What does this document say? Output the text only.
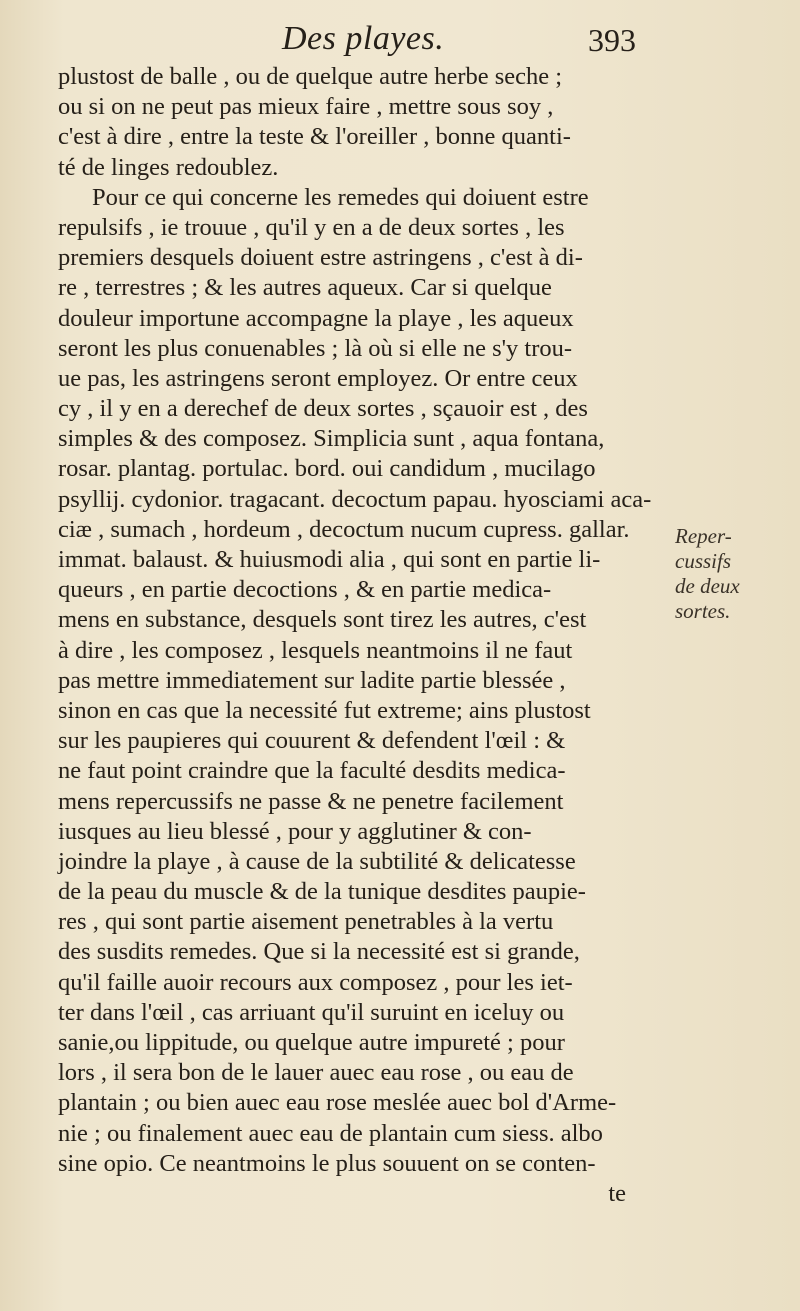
Des playes.	393
plustost de balle , ou de quelque autre herbe seche ;
ou si on ne peut pas mieux faire , mettre sous soy ,
c'est à dire , entre la teste & l'oreiller , bonne quanti-
té de linges redoublez.
Pour ce qui concerne les remedes qui doiuent estre
repulsifs , ie trouue , qu'il y en a de deux sortes , les
premiers desquels doiuent estre astringens , c'est à di-
re , terrestres ; & les autres aqueux. Car si quelque
douleur importune accompagne la playe , les aqueux
seront les plus conuenables ; là où si elle ne s'y trou-
ue pas, les astringens seront employez. Or entre ceux
cy , il y en a derechef de deux sortes , sçauoir est , des
simples & des composez. Simplicia sunt , aqua fontana,
rosar. plantag. portulac. bord. oui candidum , mucilago
psyllij. cydonior. tragacant. decoctum papau. hyosciami aca-
ciæ , sumach , hordeum , decoctum nucum cupress. gallar.
immat. balaust. & huiusmodi alia , qui sont en partie li-
queurs , en partie decoctions , & en partie medica-
mens en substance, desquels sont tirez les autres, c'est
à dire , les composez , lesquels neantmoins il ne faut
pas mettre immediatement sur ladite partie blessée ,
sinon en cas que la necessité fut extreme; ains plustost
sur les paupieres qui couurent & defendent l'œil : &
ne faut point craindre que la faculté desdits medica-
mens repercussifs ne passe & ne penetre facilement
iusques au lieu blessé , pour y agglutiner & con-
joindre la playe , à cause de la subtilité & delicatesse
de la peau du muscle & de la tunique desdites paupie-
res , qui sont partie aisement penetrables à la vertu
des susdits remedes. Que si la necessité est si grande,
qu'il faille auoir recours aux composez , pour les iet-
ter dans l'œil , cas arriuant qu'il suruint en iceluy ou
sanie,ou lippitude, ou quelque autre impureté ; pour
lors , il sera bon de le lauer auec eau rose , ou eau de
plantain ; ou bien auec eau rose meslée auec bol d'Arme-
nie ; ou finalement auec eau de plantain cum siess. albo
sine opio. Ce neantmoins le plus souuent on se conten-
te
Reper-
cussifs
de deux
sortes.
